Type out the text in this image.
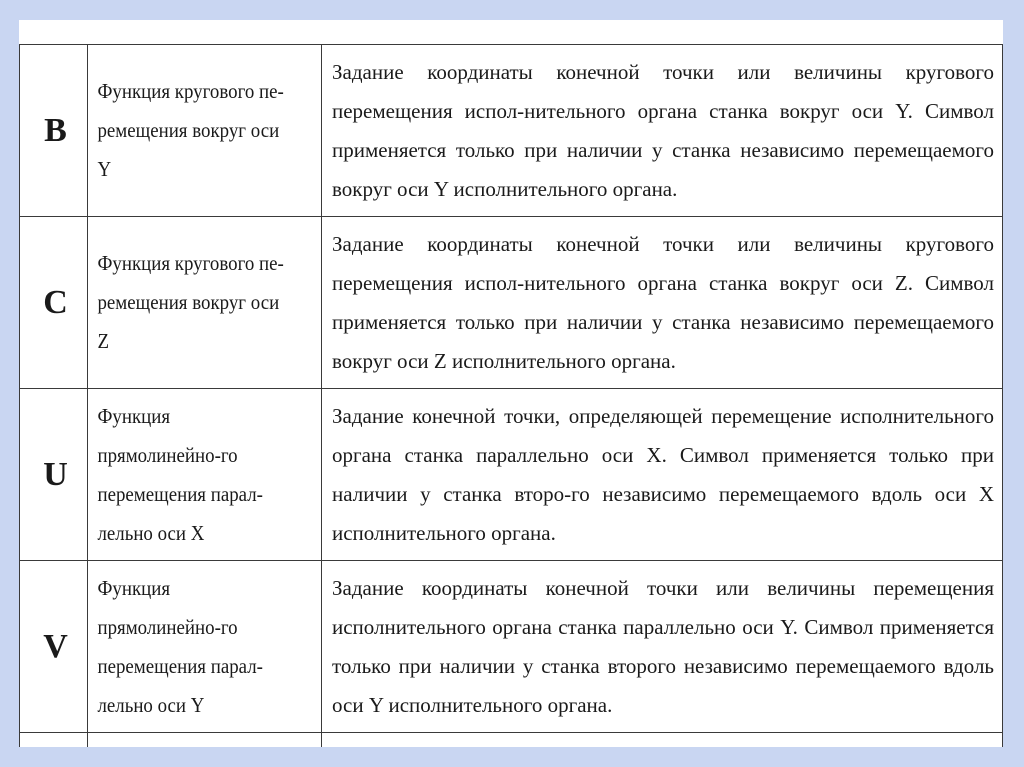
B	Функция кругового пе-ремещения вокруг оси Y	Задание координаты конечной точки или величины кругового перемещения испол-нительного органа станка вокруг оси Y. Символ применяется только при наличии у станка независимо перемещаемого вокруг оси Y исполнительного органа.
C	Функция кругового пе-ремещения вокруг оси Z	Задание координаты конечной точки или величины кругового перемещения испол-нительного органа станка вокруг оси Z. Символ применяется только при наличии у станка независимо перемещаемого вокруг оси Z исполнительного органа.
U	Функция прямолинейно-го перемещения парал-лельно оси X	Задание конечной точки, определяющей перемещение исполнительного органа станка параллельно оси X. Символ применяется только при наличии у станка второ-го независимо перемещаемого вдоль оси X исполнительного органа.
V	Функция прямолинейно-го перемещения парал-лельно оси Y	Задание координаты конечной точки или величины перемещения исполнительного органа станка параллельно оси Y. Символ применяется только при наличии у станка второго независимо перемещаемого вдоль оси Y исполнительного органа.
